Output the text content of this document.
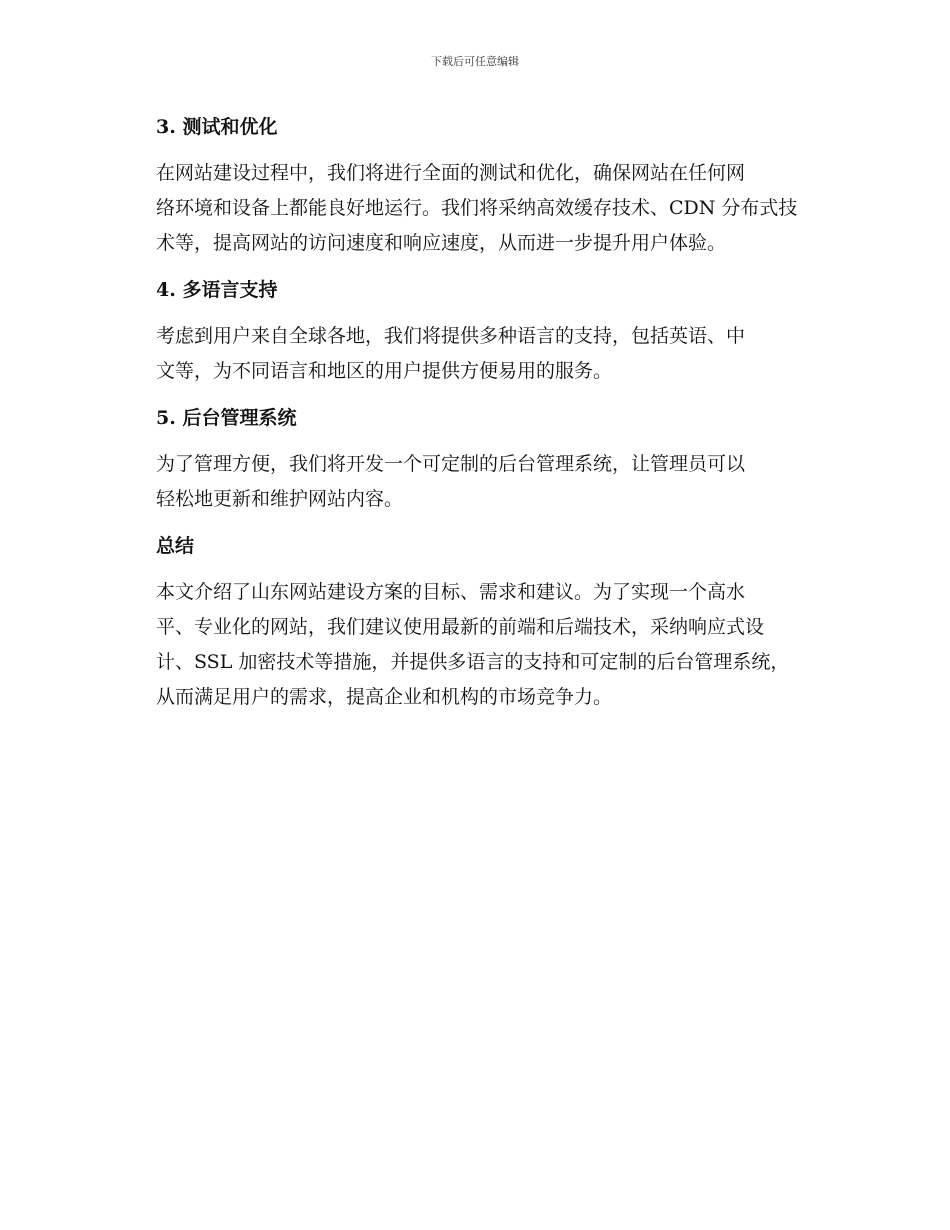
下载后可任意编辑
3. 测试和优化
在网站建设过程中，我们将进行全面的测试和优化，确保网站在任何网
络环境和设备上都能良好地运行。我们将采纳高效缓存技术、CDN 分布式技
术等，提高网站的访问速度和响应速度，从而进一步提升用户体验。
4. 多语言支持
考虑到用户来自全球各地，我们将提供多种语言的支持，包括英语、中
文等，为不同语言和地区的用户提供方便易用的服务。
5. 后台管理系统
为了管理方便，我们将开发一个可定制的后台管理系统，让管理员可以
轻松地更新和维护网站内容。
总结
本文介绍了山东网站建设方案的目标、需求和建议。为了实现一个高水
平、专业化的网站，我们建议使用最新的前端和后端技术，采纳响应式设
计、SSL 加密技术等措施，并提供多语言的支持和可定制的后台管理系统，
从而满足用户的需求，提高企业和机构的市场竞争力。
